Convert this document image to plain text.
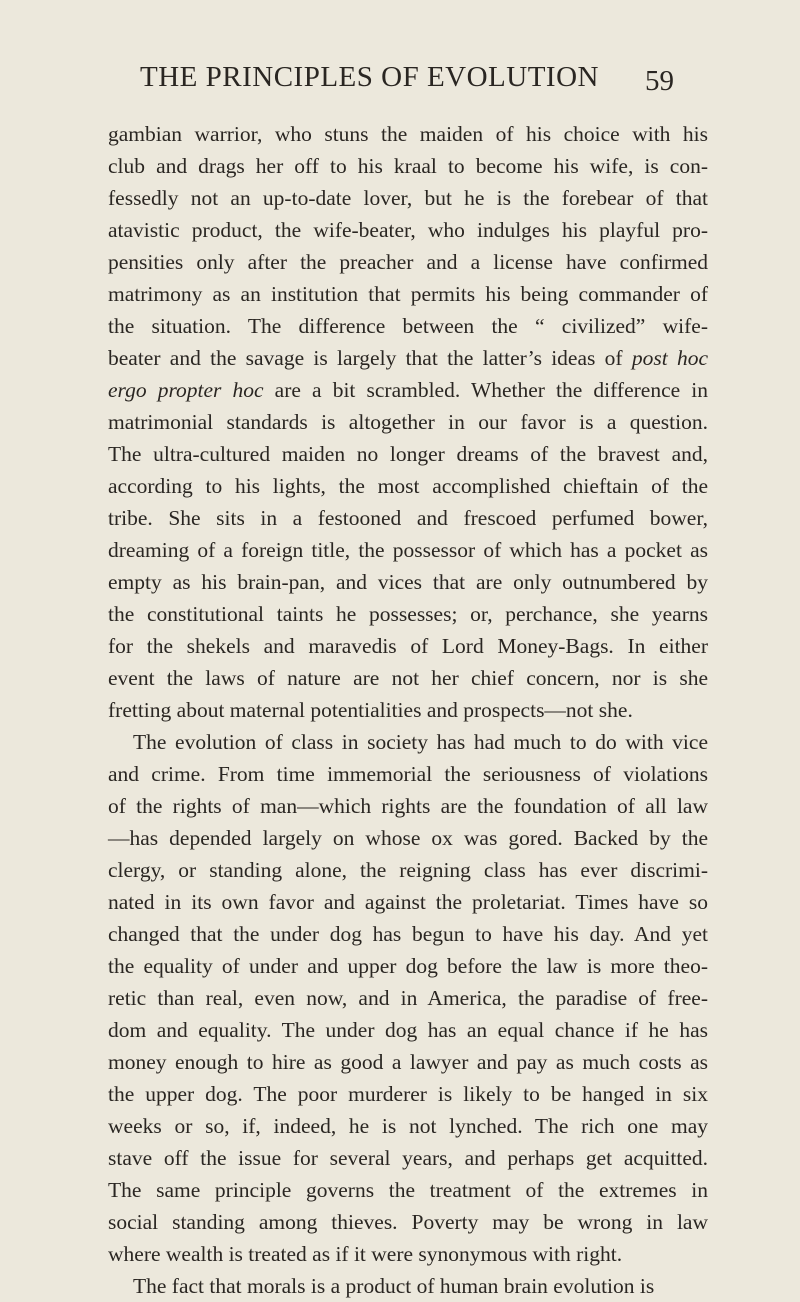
THE PRINCIPLES OF EVOLUTION	59
gambian warrior, who stuns the maiden of his choice with his
club and drags her off to his kraal to become his wife, is con-
fessedly not an up-to-date lover, but he is the forebear of that
atavistic product, the wife-beater, who indulges his playful pro-
pensities only after the preacher and a license have confirmed
matrimony as an institution that permits his being commander of
the situation. The difference between the “ civilized” wife-
beater and the savage is largely that the latter’s ideas of post hoc
ergo propter hoc are a bit scrambled. Whether the difference in
matrimonial standards is altogether in our favor is a question.
The ultra-cultured maiden no longer dreams of the bravest and,
according to his lights, the most accomplished chieftain of the
tribe. She sits in a festooned and frescoed perfumed bower,
dreaming of a foreign title, the possessor of which has a pocket as
empty as his brain-pan, and vices that are only outnumbered by
the constitutional taints he possesses; or, perchance, she yearns
for the shekels and maravedis of Lord Money-Bags. In either
event the laws of nature are not her chief concern, nor is she
fretting about maternal potentialities and prospects—not she.
The evolution of class in society has had much to do with vice
and crime. From time immemorial the seriousness of violations
of the rights of man—which rights are the foundation of all law
—has depended largely on whose ox was gored. Backed by the
clergy, or standing alone, the reigning class has ever discrimi-
nated in its own favor and against the proletariat. Times have so
changed that the under dog has begun to have his day. And yet
the equality of under and upper dog before the law is more theo-
retic than real, even now, and in America, the paradise of free-
dom and equality. The under dog has an equal chance if he has
money enough to hire as good a lawyer and pay as much costs as
the upper dog. The poor murderer is likely to be hanged in six
weeks or so, if, indeed, he is not lynched. The rich one may
stave off the issue for several years, and perhaps get acquitted.
The same principle governs the treatment of the extremes in
social standing among thieves. Poverty may be wrong in law
where wealth is treated as if it were synonymous with right.
The fact that morals is a product of human brain evolution is
